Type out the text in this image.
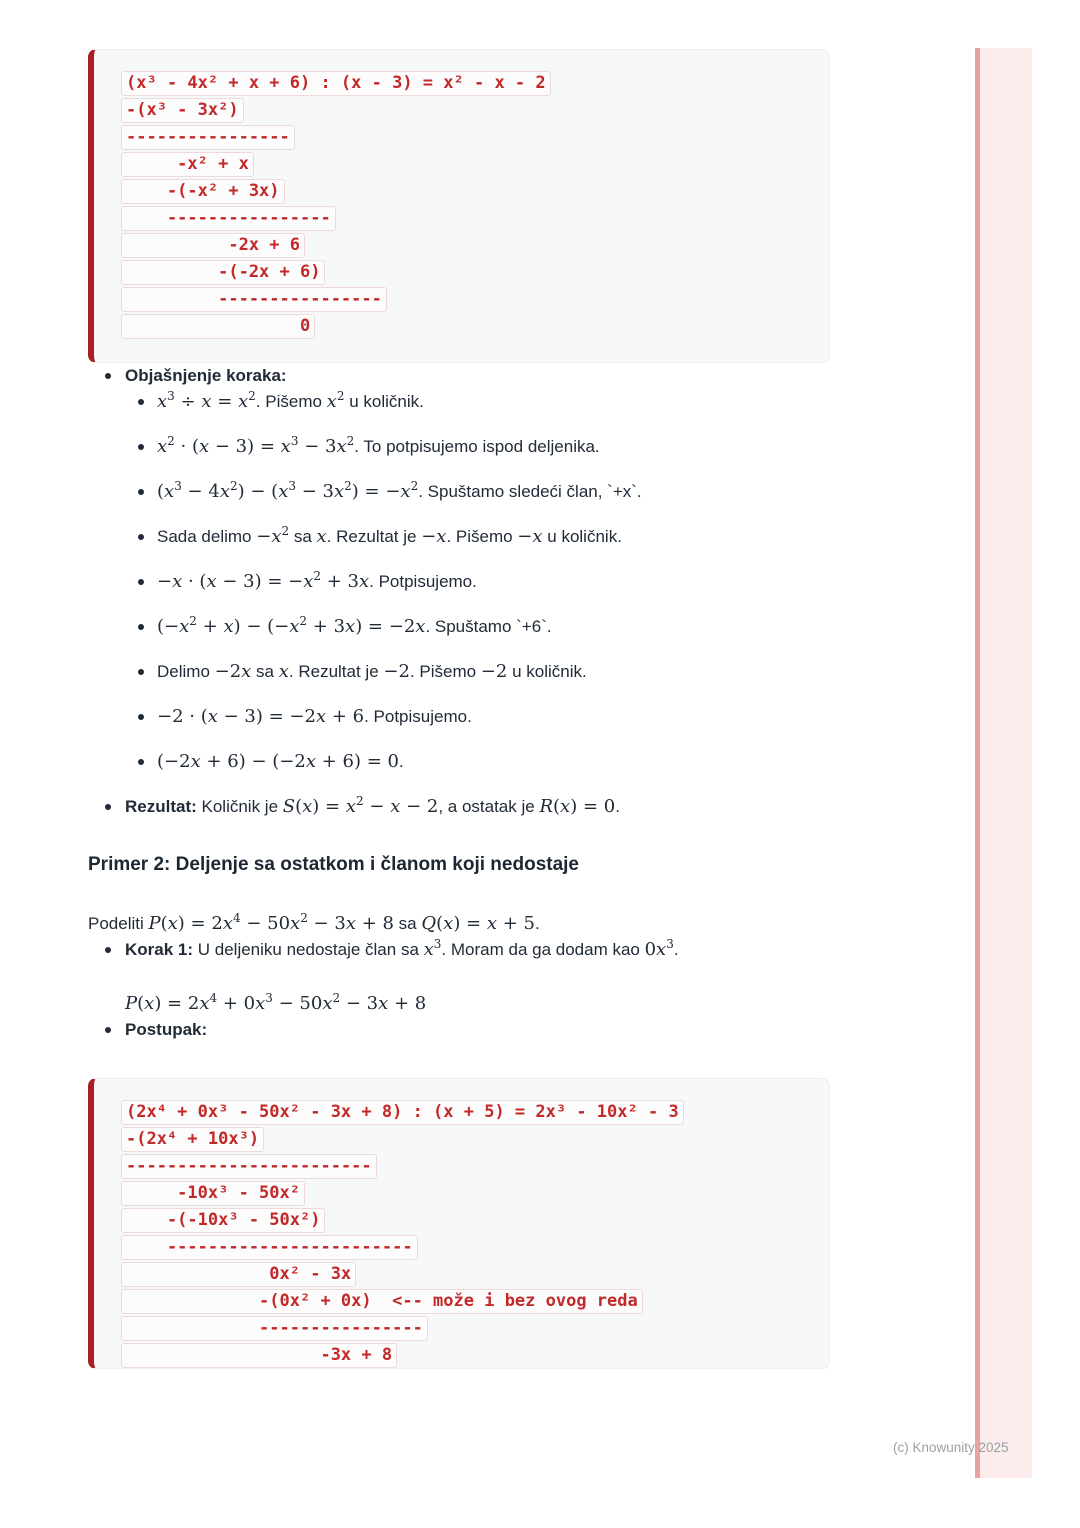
(x³ - 4x² + x + 6) : (x - 3) = x² - x - 2
-(x³ - 3x²)
----------------
-x² + x
-(-x² + 3x)
----------------
-2x + 6
-(-2x + 6)
----------------
0
Objašnjenje koraka:
$x^3 \div x = x^2$. Pišemo $x^2$ u količnik.
$x^2 \cdot (x - 3) = x^3 - 3x^2$. To potpisujemo ispod deljenika.
$(x^3 - 4x^2) - (x^3 - 3x^2) = -x^2$. Spuštamo sledeći član, `+x`.
Sada $delimo -x^2$ sa x. Rezultat je −x. Pišemo −x u količnik.
$-x \cdot (x - 3) = -x^2 + 3x$. Potpisujemo.
$(-x^2 + x) - (-x^2 + 3x) = -2x$. Spuštamo `+6`.
Delimo −2x sa x. Rezultat je −2. Pišemo −2 u količnik.
−2 · (x − 3) = −2x + 6. Potpisujemo.
(−2x + 6) − (−2x + 6) = 0.
Rezultat: Količnik je $S(x) = x^2 - x - 2$, a ostatak je R(x) = 0.
Primer 2: Deljenje sa ostatkom i članom koji nedostaje

Podeliti $P(x) = 2x^4 - 50x^2 - 3x + 8$ sa Q(x) = x + 5.

Korak 1: U deljeniku nedostaje član sa $x^3$. Moram da ga dodam kao $0x^3$.
$P(x) = 2x^4 + 0x^3 - 50x^2 - 3x + 8$
Postupak:
(2x⁴ + 0x³ - 50x² - 3x + 8) : (x + 5) = 2x³ - 10x² - 3
-(2x⁴ + 10x³)
------------------------
-10x³ - 50x²
-(-10x³ - 50x²)
------------------------
0x² - 3x
-(0x² + 0x)  <-- može i bez ovog reda
----------------
-3x + 8
(c) Knowunity 2025
